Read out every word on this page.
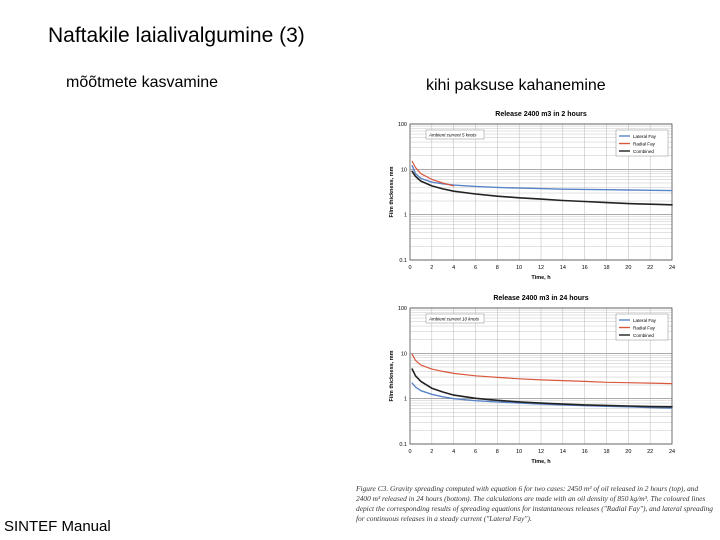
Naftakile laialivalgumine (3)
mõõtmete kasvamine	kihi paksuse kahanemine
SINTEF Manual
Figure C3. Gravity spreading computed with equation 6 for two cases: 2450 m³ of oil released in 2 hours (top), and 2400 m³ released in 24 hours (bottom). The calculations are made with an oil density of 850 kg/m³. The coloured lines depict the corresponding results of spreading equations for instantaneous releases ("Radial Fay"), and lateral spreading for continuous releases in a steady current ("Lateral Fay").
Release 2400 m3 in 2 hours
0.1
1
10
100
0	2	4	6	8	10	12	14	16	18	20	22	24
Time, h
Film thickness, mm
Ambient current 5 knots	Lateral Fay
Radial Fay
Combined
Release 2400 m3 in 24 hours
0.1
1
10
100
0	2	4	6	8	10	12	14	16	18	20	22	24
Time, h
Film thickness, mm
Ambient current 10 knots	Lateral Fay
Radial Fay
Combined
